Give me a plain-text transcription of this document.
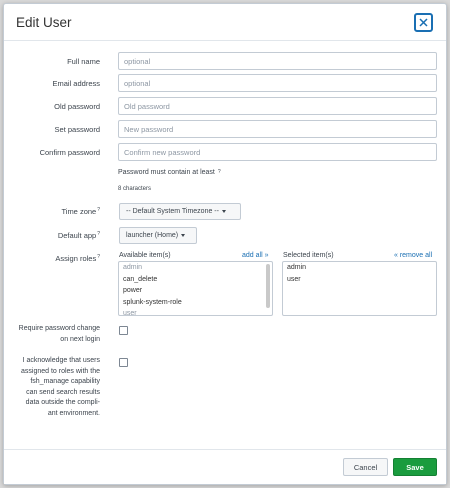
Edit User
Full name	optional
Email address	optional
Old password	Old password
Set password	New password
Confirm password	Confirm new password
Password must contain at least ?
8 characters
Time zone?	-- Default System Timezone --
Default app?	launcher (Home)
Assign roles?	Available item(s)	add all »
admin
can_delete
power
splunk-system-role
user
Selected item(s)	« remove all
admin
user
Require password change
on next login
I acknowledge that users
assigned to roles with the
fsh_manage capability
can send search results
data outside the compli-
ant environment.
Cancel	Save
